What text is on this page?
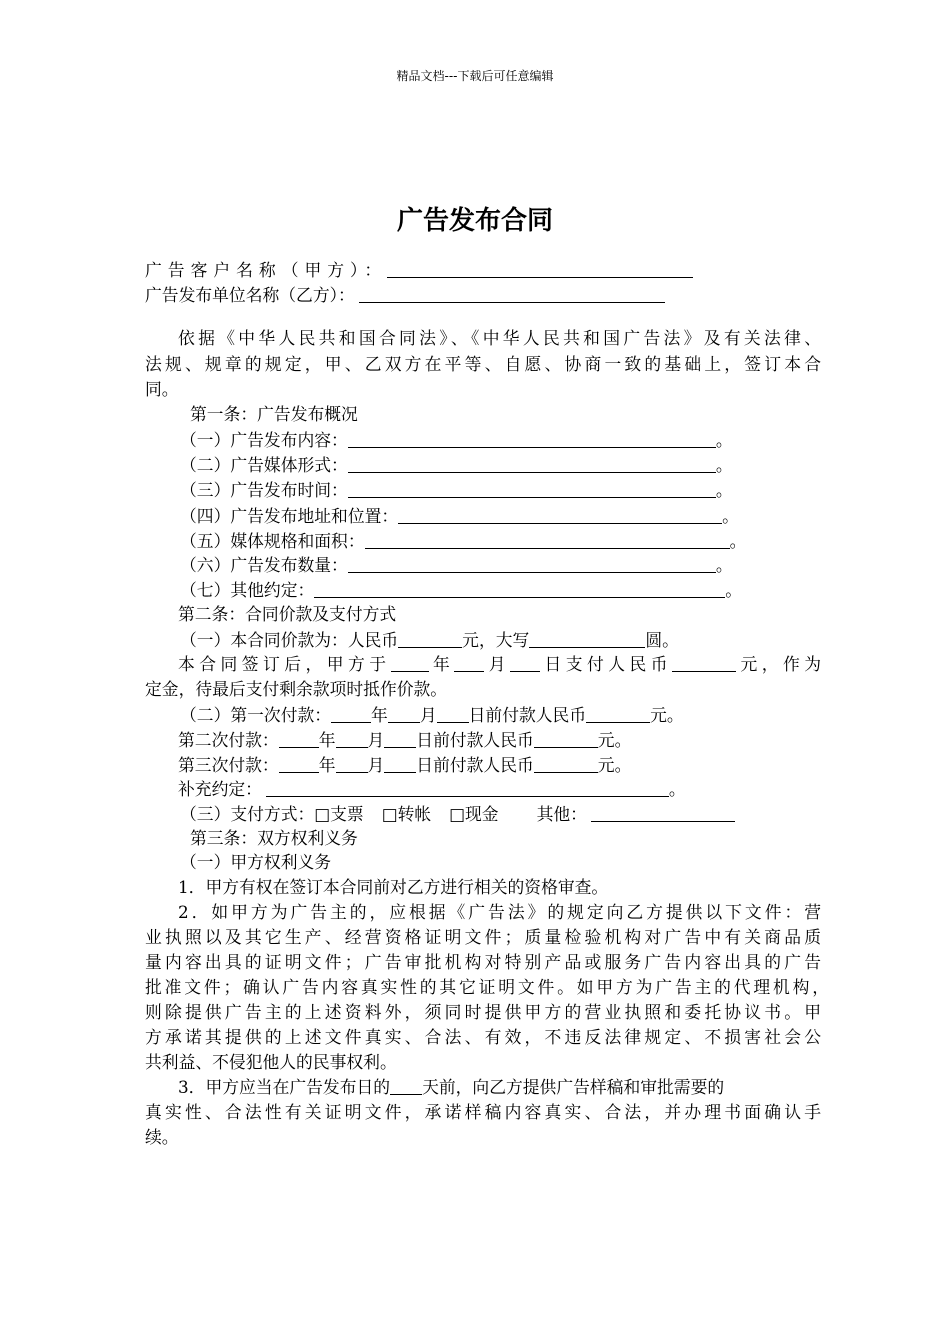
精品文档---下载后可任意编辑
广告发布合同
广告客户名称（甲方）：
广告发布单位名称（乙方）：
依据《中华人民共和国合同法》、《中华人民共和国广告法》及有关法律、
法规、规章的规定，甲、乙双方在平等、自愿、协商一致的基础上，签订本合
同。
第一条：广告发布概况
（一）广告发布内容：	。
（二）广告媒体形式：	。
（三）广告发布时间：	。
（四）广告发布地址和位置：	。
（五）媒体规格和面积：	。
（六）广告发布数量：	。
（七）其他约定：	。
第二条：合同价款及支付方式
（一）本合同价款为：人民币	元，大写	圆。
本合同签订后，甲方于 年 月 日支付人民币	元，作为
定金，待最后支付剩余款项时抵作价款。
（二）第一次付款： 年 月 日前付款人民币	元。
第二次付款： 年 月 日前付款人民币	元。
第三次付款： 年 月 日前付款人民币	元。
补充约定：	。
（三）支付方式：□支票 □转帐 □现金 其他：
第三条：双方权利义务
（一）甲方权利义务
1．甲方有权在签订本合同前对乙方进行相关的资格审查。
2．如甲方为广告主的，应根据《广告法》的规定向乙方提供以下文件：营
业执照以及其它生产、经营资格证明文件；质量检验机构对广告中有关商品质
量内容出具的证明文件；广告审批机构对特别产品或服务广告内容出具的广告
批准文件；确认广告内容真实性的其它证明文件。如甲方为广告主的代理机构，
则除提供广告主的上述资料外，须同时提供甲方的营业执照和委托协议书。甲
方承诺其提供的上述文件真实、合法、有效，不违反法律规定、不损害社会公
共利益、不侵犯他人的民事权利。
3．甲方应当在广告发布日的 天前，向乙方提供广告样稿和审批需要的
真实性、合法性有关证明文件，承诺样稿内容真实、合法，并办理书面确认手
续。
